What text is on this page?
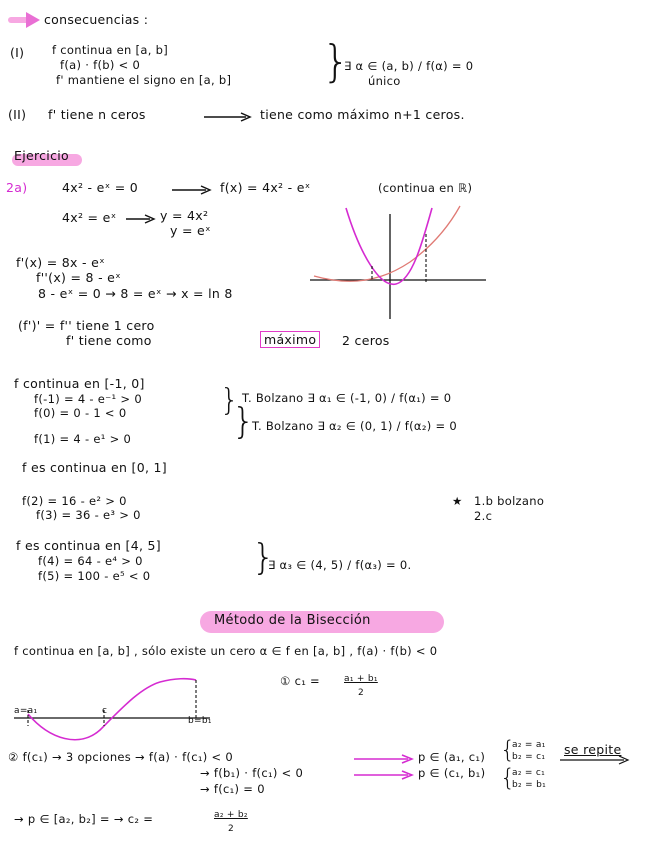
consecuencias :
(I) f continua en [a, b]
f(a) · f(b) < 0
f' mantiene el signo en [a, b] }
∃ α ∈ (a, b) / f(α) = 0
único
(II) f' tiene n ceros	tiene como máximo n+1 ceros.
Ejercicio
2a)	4x² - eˣ = 0	f(x) = 4x² - eˣ	(continua en ℝ)
4x² = eˣ	y = 4x²
y = eˣ
f'(x) = 8x - eˣ
f''(x) = 8 - eˣ
8 - eˣ = 0 → 8 = eˣ → x = ln 8
(f')' = f'' tiene 1 cero
f' tiene como	máximo	2 ceros
f continua en [-1, 0]
f(-1) = 4 - e⁻¹ > 0
f(0) = 0 - 1 < 0	}
}
T. Bolzano ∃ α₁ ∈ (-1, 0) / f(α₁) = 0
T. Bolzano ∃ α₂ ∈ (0, 1) / f(α₂) = 0
f(1) = 4 - e¹ > 0
f es continua en [0, 1]
f(2) = 16 - e² > 0
f(3) = 36 - e³ > 0
★ 1.b bolzano
2.c
f es continua en [4, 5]
f(4) = 64 - e⁴ > 0
f(5) = 100 - e⁵ < 0	}
∃ α₃ ∈ (4, 5) / f(α₃) = 0.
Método de la Bisección
f continua en [a, b] , sólo existe un cero α ∈ f en [a, b] , f(a) · f(b) < 0
① c₁ =	a₁ + b₁
2
a=a₁	c
b=b₁
② f(c₁) → 3 opciones → f(a) · f(c₁) < 0	p ∈ (a₁, c₁)
a₂ = a₁
b₂ = c₁
{	se repite
→ f(b₁) · f(c₁) < 0	p ∈ (c₁, b₁)	a₂ = c₁
b₂ = b₁
{
→ f(c₁) = 0
→ p ∈ [a₂, b₂] = → c₂ =	a₂ + b₂
2
